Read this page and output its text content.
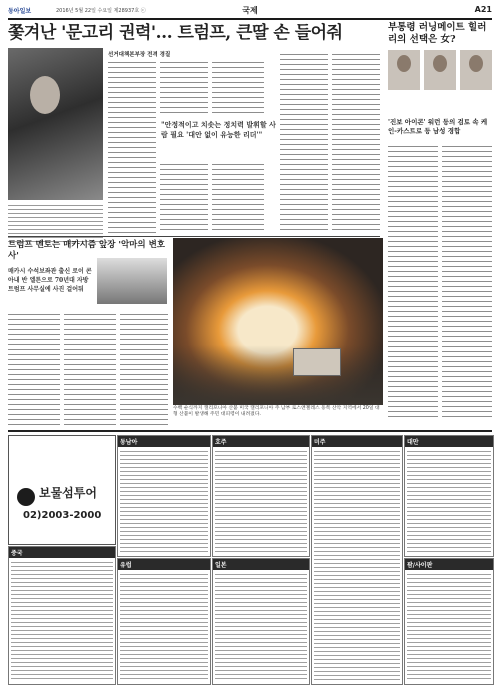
동아일보	2016년 5월 22일 수요일 제28937호 ⓒ	국제	A21
쫓겨난 '문고리 권력'… 트럼프, 큰딸 손 들어줘
선거대책본부장 전격 경질
"안정적이고 치솟는 정치력 발휘할 사람 필요 '대안 없이 유능한 리더'"
부통령 러닝메이트 힐러리의 선택은 女?
'진보 아이콘' 워런 등의 검토 속 케인-카스트로 등 남성 경합
트럼프 멘토는 매카시즘 앞장 '악마의 변호사'
매카시 수석보좌관 출신 로이 콘 아내 반 엘튼으로 70년대 자방 트럼프 사무실에 사진 걸어둬
수백 순식까지 캘리포니아 산불 미국 캘리포니아 주 남부 로스앤젤레스 동쪽 산악 지역에서 20일 대형 산불이 발생해 주민 대피령이 내려졌다.
보물섬투어
02)2003-2000
중국
동남아
유럽
호주
일본
미주	대만
괌/사이판
